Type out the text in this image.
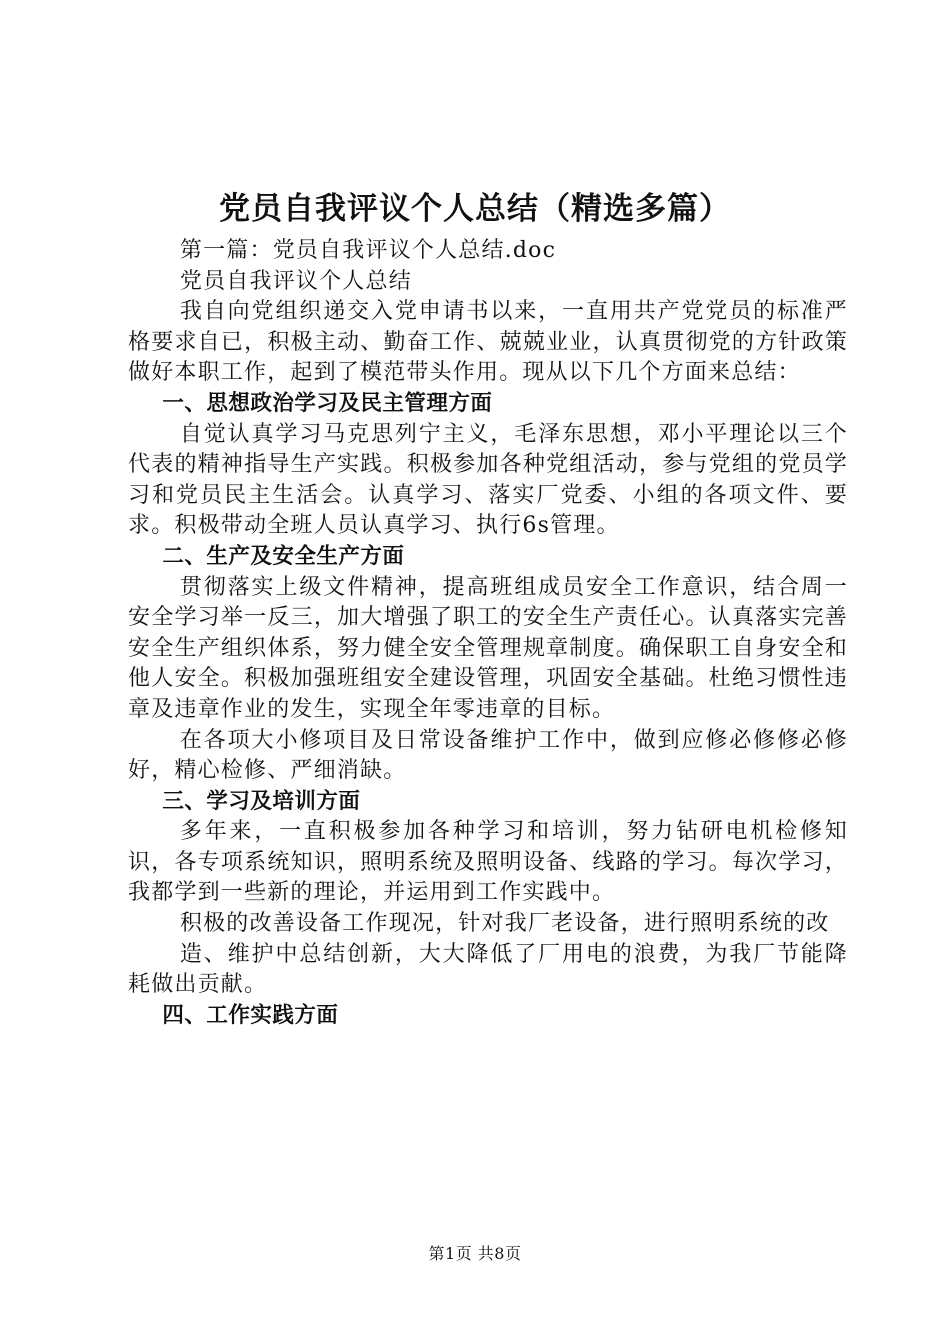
党员自我评议个人总结（精选多篇）

第一篇：党员自我评议个人总结.doc

党员自我评议个人总结

我自向党组织递交入党申请书以来，一直用共产党党员的标准严格要求自已，积极主动、勤奋工作、兢兢业业，认真贯彻党的方针政策做好本职工作，起到了模范带头作用。现从以下几个方面来总结：

一、思想政治学习及民主管理方面

自觉认真学习马克思列宁主义，毛泽东思想，邓小平理论以三个代表的精神指导生产实践。积极参加各种党组活动，参与党组的党员学习和党员民主生活会。认真学习、落实厂党委、小组的各项文件、要求。积极带动全班人员认真学习、执行6s管理。

二、生产及安全生产方面

贯彻落实上级文件精神，提高班组成员安全工作意识，结合周一安全学习举一反三，加大增强了职工的安全生产责任心。认真落实完善安全生产组织体系，努力健全安全管理规章制度。确保职工自身安全和他人安全。积极加强班组安全建设管理，巩固安全基础。杜绝习惯性违章及违章作业的发生，实现全年零违章的目标。

在各项大小修项目及日常设备维护工作中，做到应修必修修必修好，精心检修、严细消缺。

三、学习及培训方面

多年来，一直积极参加各种学习和培训，努力钻研电机检修知识，各专项系统知识，照明系统及照明设备、线路的学习。每次学习，我都学到一些新的理论，并运用到工作实践中。

积极的改善设备工作现况，针对我厂老设备，进行照明系统的改

造、维护中总结创新，大大降低了厂用电的浪费，为我厂节能降耗做出贡献。

四、工作实践方面

第1页 共8页
